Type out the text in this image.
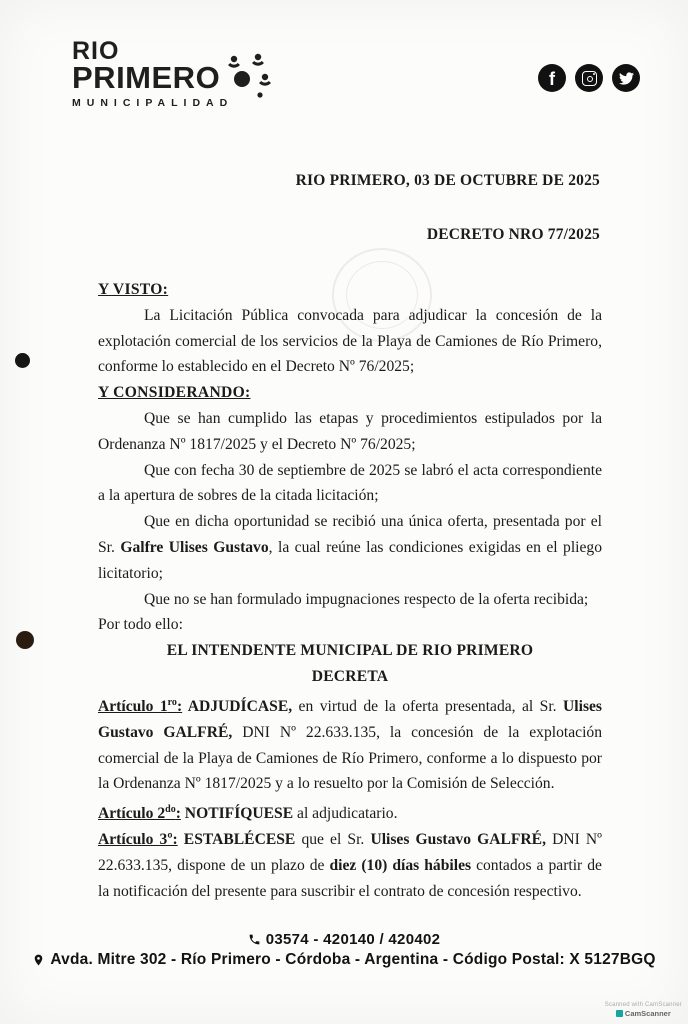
RIO
PRIMERO
MUNICIPALIDAD
f
RIO PRIMERO, 03 DE OCTUBRE DE 2025
DECRETO NRO 77/2025

Y VISTO:

La Licitación Pública convocada para adjudicar la concesión de la explotación comercial de los servicios de la Playa de Camiones de Río Primero, conforme lo establecido en el Decreto Nº 76/2025;

Y CONSIDERANDO:

Que se han cumplido las etapas y procedimientos estipulados por la Ordenanza Nº 1817/2025 y el Decreto Nº 76/2025;

Que con fecha 30 de septiembre de 2025 se labró el acta correspondiente a la apertura de sobres de la citada licitación;

Que en dicha oportunidad se recibió una única oferta, presentada por el Sr. Galfre Ulises Gustavo, la cual reúne las condiciones exigidas en el pliego licitatorio;

Que no se han formulado impugnaciones respecto de la oferta recibida;

Por todo ello:

EL INTENDENTE MUNICIPAL DE RIO PRIMERO

DECRETA

Artículo $1^{ro}$: ADJUDÍCASE, en virtud de la oferta presentada, al Sr. Ulises Gustavo GALFRÉ, DNI Nº 22.633.135, la concesión de la explotación comercial de la Playa de Camiones de Río Primero, conforme a lo dispuesto por la Ordenanza Nº 1817/2025 y a lo resuelto por la Comisión de Selección.

Artículo $2^{do}$: NOTIFÍQUESE al adjudicatario.

Artículo 3º: ESTABLÉCESE que el Sr. Ulises Gustavo GALFRÉ, DNI Nº 22.633.135, dispone de un plazo de diez (10) días hábiles contados a partir de la notificación del presente para suscribir el contrato de concesión respectivo.

03574 - 420140 / 420402
Avda. Mitre 302 - Río Primero - Córdoba - Argentina - Código Postal: X 5127BGQ
Scanned with CamScanner
CamScanner
